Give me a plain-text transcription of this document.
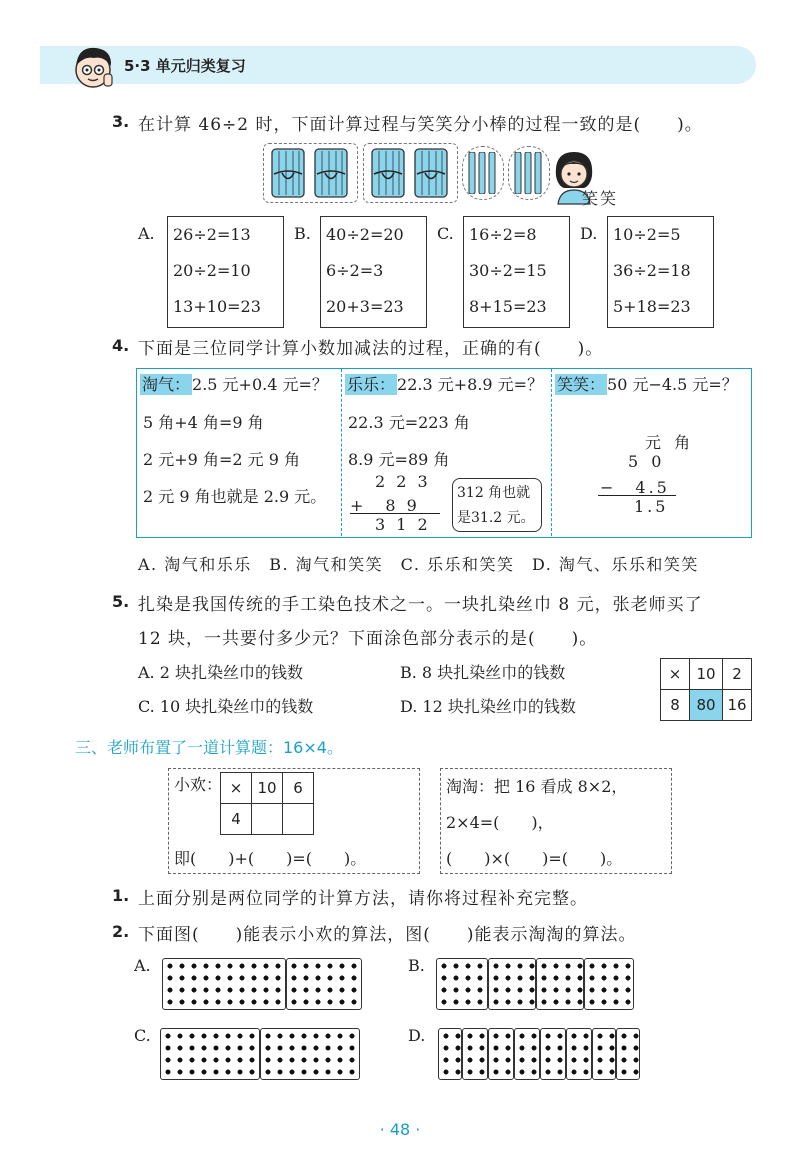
5·3 单元归类复习
3. 在计算 46÷2 时，下面计算过程与笑笑分小棒的过程一致的是(　　)。
笑笑
A. 26÷2=13
20÷2=10
13+10=23
B. 40÷2=20
6÷2=3
20+3=23
C. 16÷2=8
30÷2=15
8+15=23
D. 10÷2=5
36÷2=18
5+18=23
4. 下面是三位同学计算小数加减法的过程，正确的有(　　)。
淘气： 2.5 元+0.4 元=？
5 角+4 角=9 角
2 元+9 角=2 元 9 角
2 元 9 角也就是 2.9 元。
乐乐： 22.3 元+8.9 元=？
22.3 元=223 角
8.9 元=89 角
2 2 3
+　8 9
3 1 2
312 角也就
是31.2 元。
笑笑： 50 元−4.5 元=？
元 角
5 0
−　4.5
1.5
A. 淘气和乐乐　B. 淘气和笑笑　C. 乐乐和笑笑　D. 淘气、乐乐和笑笑
5. 扎染是我国传统的手工染色技术之一。一块扎染丝巾 8 元，张老师买了
12 块，一共要付多少元？下面涂色部分表示的是(　　)。
A. 2 块扎染丝巾的钱数	B. 8 块扎染丝巾的钱数
C. 10 块扎染丝巾的钱数	D. 12 块扎染丝巾的钱数
×	10	2
8	80	16
三、老师布置了一道计算题：16×4。
小欢： ×	10	6
4		
即(　　)+(　　)=(　　)。
淘淘：把 16 看成 8×2，
2×4=(　　)，
(　　)×(　　)=(　　)。
1. 上面分别是两位同学的计算方法，请你将过程补充完整。
2. 下面图(　　)能表示小欢的算法，图(　　)能表示淘淘的算法。
A.	B.
C.	D.
· 48 ·
